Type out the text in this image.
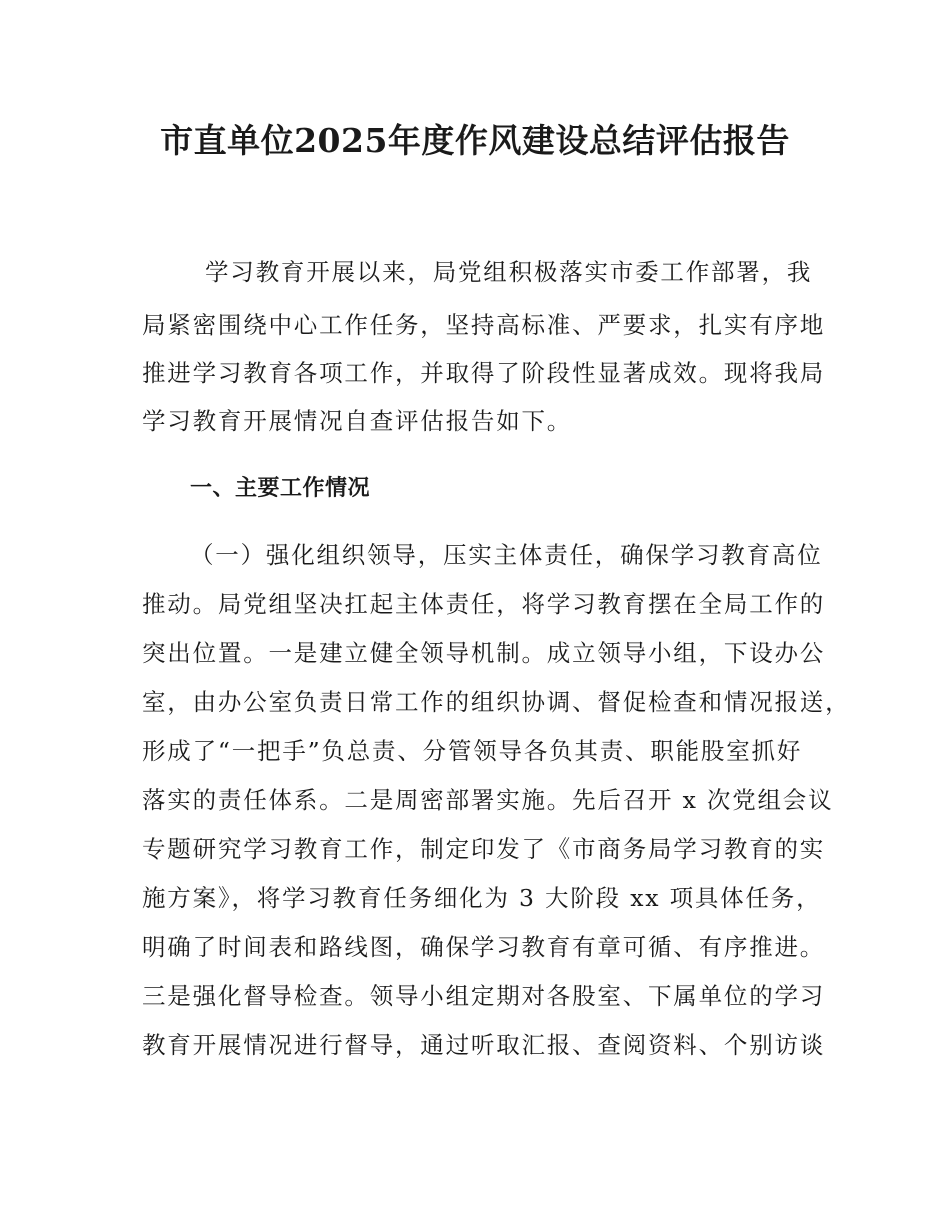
市直单位2025年度作风建设总结评估报告
学习教育开展以来，局党组积极落实市委工作部署，我
局紧密围绕中心工作任务，坚持高标准、严要求，扎实有序地
推进学习教育各项工作，并取得了阶段性显著成效。现将我局
学习教育开展情况自查评估报告如下。
一、主要工作情况
（一）强化组织领导，压实主体责任，确保学习教育高位
推动。局党组坚决扛起主体责任，将学习教育摆在全局工作的
突出位置。一是建立健全领导机制。成立领导小组，下设办公
室，由办公室负责日常工作的组织协调、督促检查和情况报送，
形成了“一把手”负总责、分管领导各负其责、职能股室抓好
落实的责任体系。二是周密部署实施。先后召开 x 次党组会议
专题研究学习教育工作，制定印发了《市商务局学习教育的实
施方案》，将学习教育任务细化为 3 大阶段 xx 项具体任务，
明确了时间表和路线图，确保学习教育有章可循、有序推进。
三是强化督导检查。领导小组定期对各股室、下属单位的学习
教育开展情况进行督导，通过听取汇报、查阅资料、个别访谈
